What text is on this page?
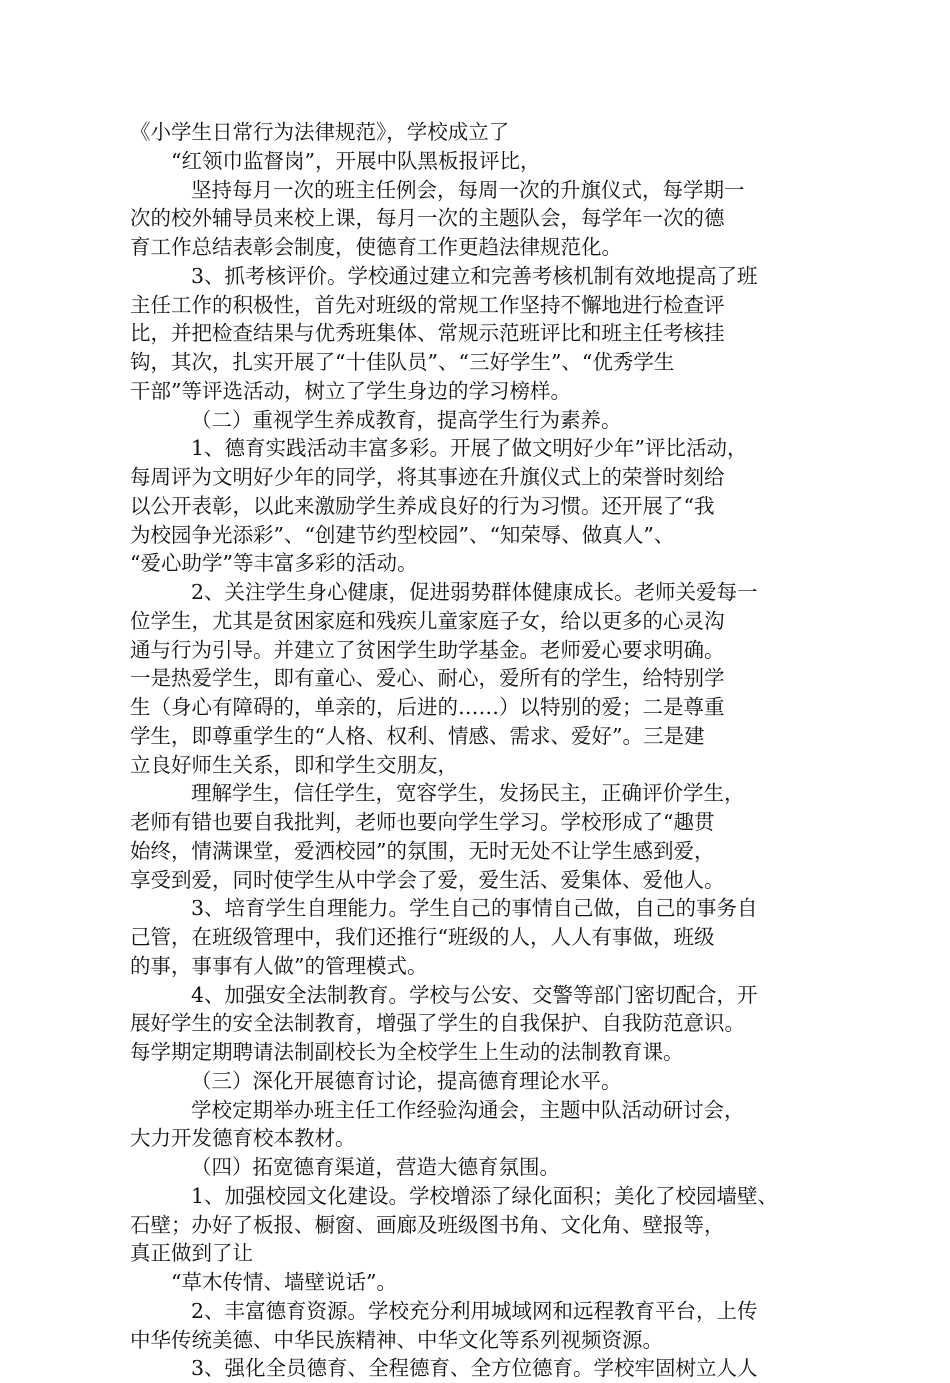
《小学生日常行为法律规范》，学校成立了
“红领巾监督岗”，开展中队黑板报评比，
坚持每月一次的班主任例会，每周一次的升旗仪式，每学期一
次的校外辅导员来校上课，每月一次的主题队会，每学年一次的德
育工作总结表彰会制度，使德育工作更趋法律规范化。
3、抓考核评价。学校通过建立和完善考核机制有效地提高了班
主任工作的积极性，首先对班级的常规工作坚持不懈地进行检查评
比，并把检查结果与优秀班集体、常规示范班评比和班主任考核挂
钩，其次，扎实开展了“十佳队员”、“三好学生”、“优秀学生
干部”等评选活动，树立了学生身边的学习榜样。
（二）重视学生养成教育，提高学生行为素养。
1、德育实践活动丰富多彩。开展了做文明好少年”评比活动，
每周评为文明好少年的同学，将其事迹在升旗仪式上的荣誉时刻给
以公开表彰，以此来激励学生养成良好的行为习惯。还开展了“我
为校园争光添彩”、“创建节约型校园”、“知荣辱、做真人”、
“爱心助学”等丰富多彩的活动。
2、关注学生身心健康，促进弱势群体健康成长。老师关爱每一
位学生，尤其是贫困家庭和残疾儿童家庭子女，给以更多的心灵沟
通与行为引导。并建立了贫困学生助学基金。老师爱心要求明确。
一是热爱学生，即有童心、爱心、耐心，爱所有的学生，给特别学
生（身心有障碍的，单亲的，后进的……）以特别的爱；二是尊重
学生，即尊重学生的“人格、权利、情感、需求、爱好”。三是建
立良好师生关系，即和学生交朋友，
理解学生，信任学生，宽容学生，发扬民主，正确评价学生，
老师有错也要自我批判，老师也要向学生学习。学校形成了“趣贯
始终，情满课堂，爱洒校园”的氛围，无时无处不让学生感到爱，
享受到爱，同时使学生从中学会了爱，爱生活、爱集体、爱他人。
3、培育学生自理能力。学生自己的事情自己做，自己的事务自
己管，在班级管理中，我们还推行“班级的人，人人有事做，班级
的事，事事有人做”的管理模式。
4、加强安全法制教育。学校与公安、交警等部门密切配合，开
展好学生的安全法制教育，增强了学生的自我保护、自我防范意识。
每学期定期聘请法制副校长为全校学生上生动的法制教育课。
（三）深化开展德育讨论，提高德育理论水平。
学校定期举办班主任工作经验沟通会，主题中队活动研讨会，
大力开发德育校本教材。
（四）拓宽德育渠道，营造大德育氛围。
1、加强校园文化建设。学校增添了绿化面积；美化了校园墙壁、
石壁；办好了板报、橱窗、画廊及班级图书角、文化角、壁报等，
真正做到了让
“草木传情、墙壁说话”。
2、丰富德育资源。学校充分利用城域网和远程教育平台，上传
中华传统美德、中华民族精神、中华文化等系列视频资源。
3、强化全员德育、全程德育、全方位德育。学校牢固树立人人
